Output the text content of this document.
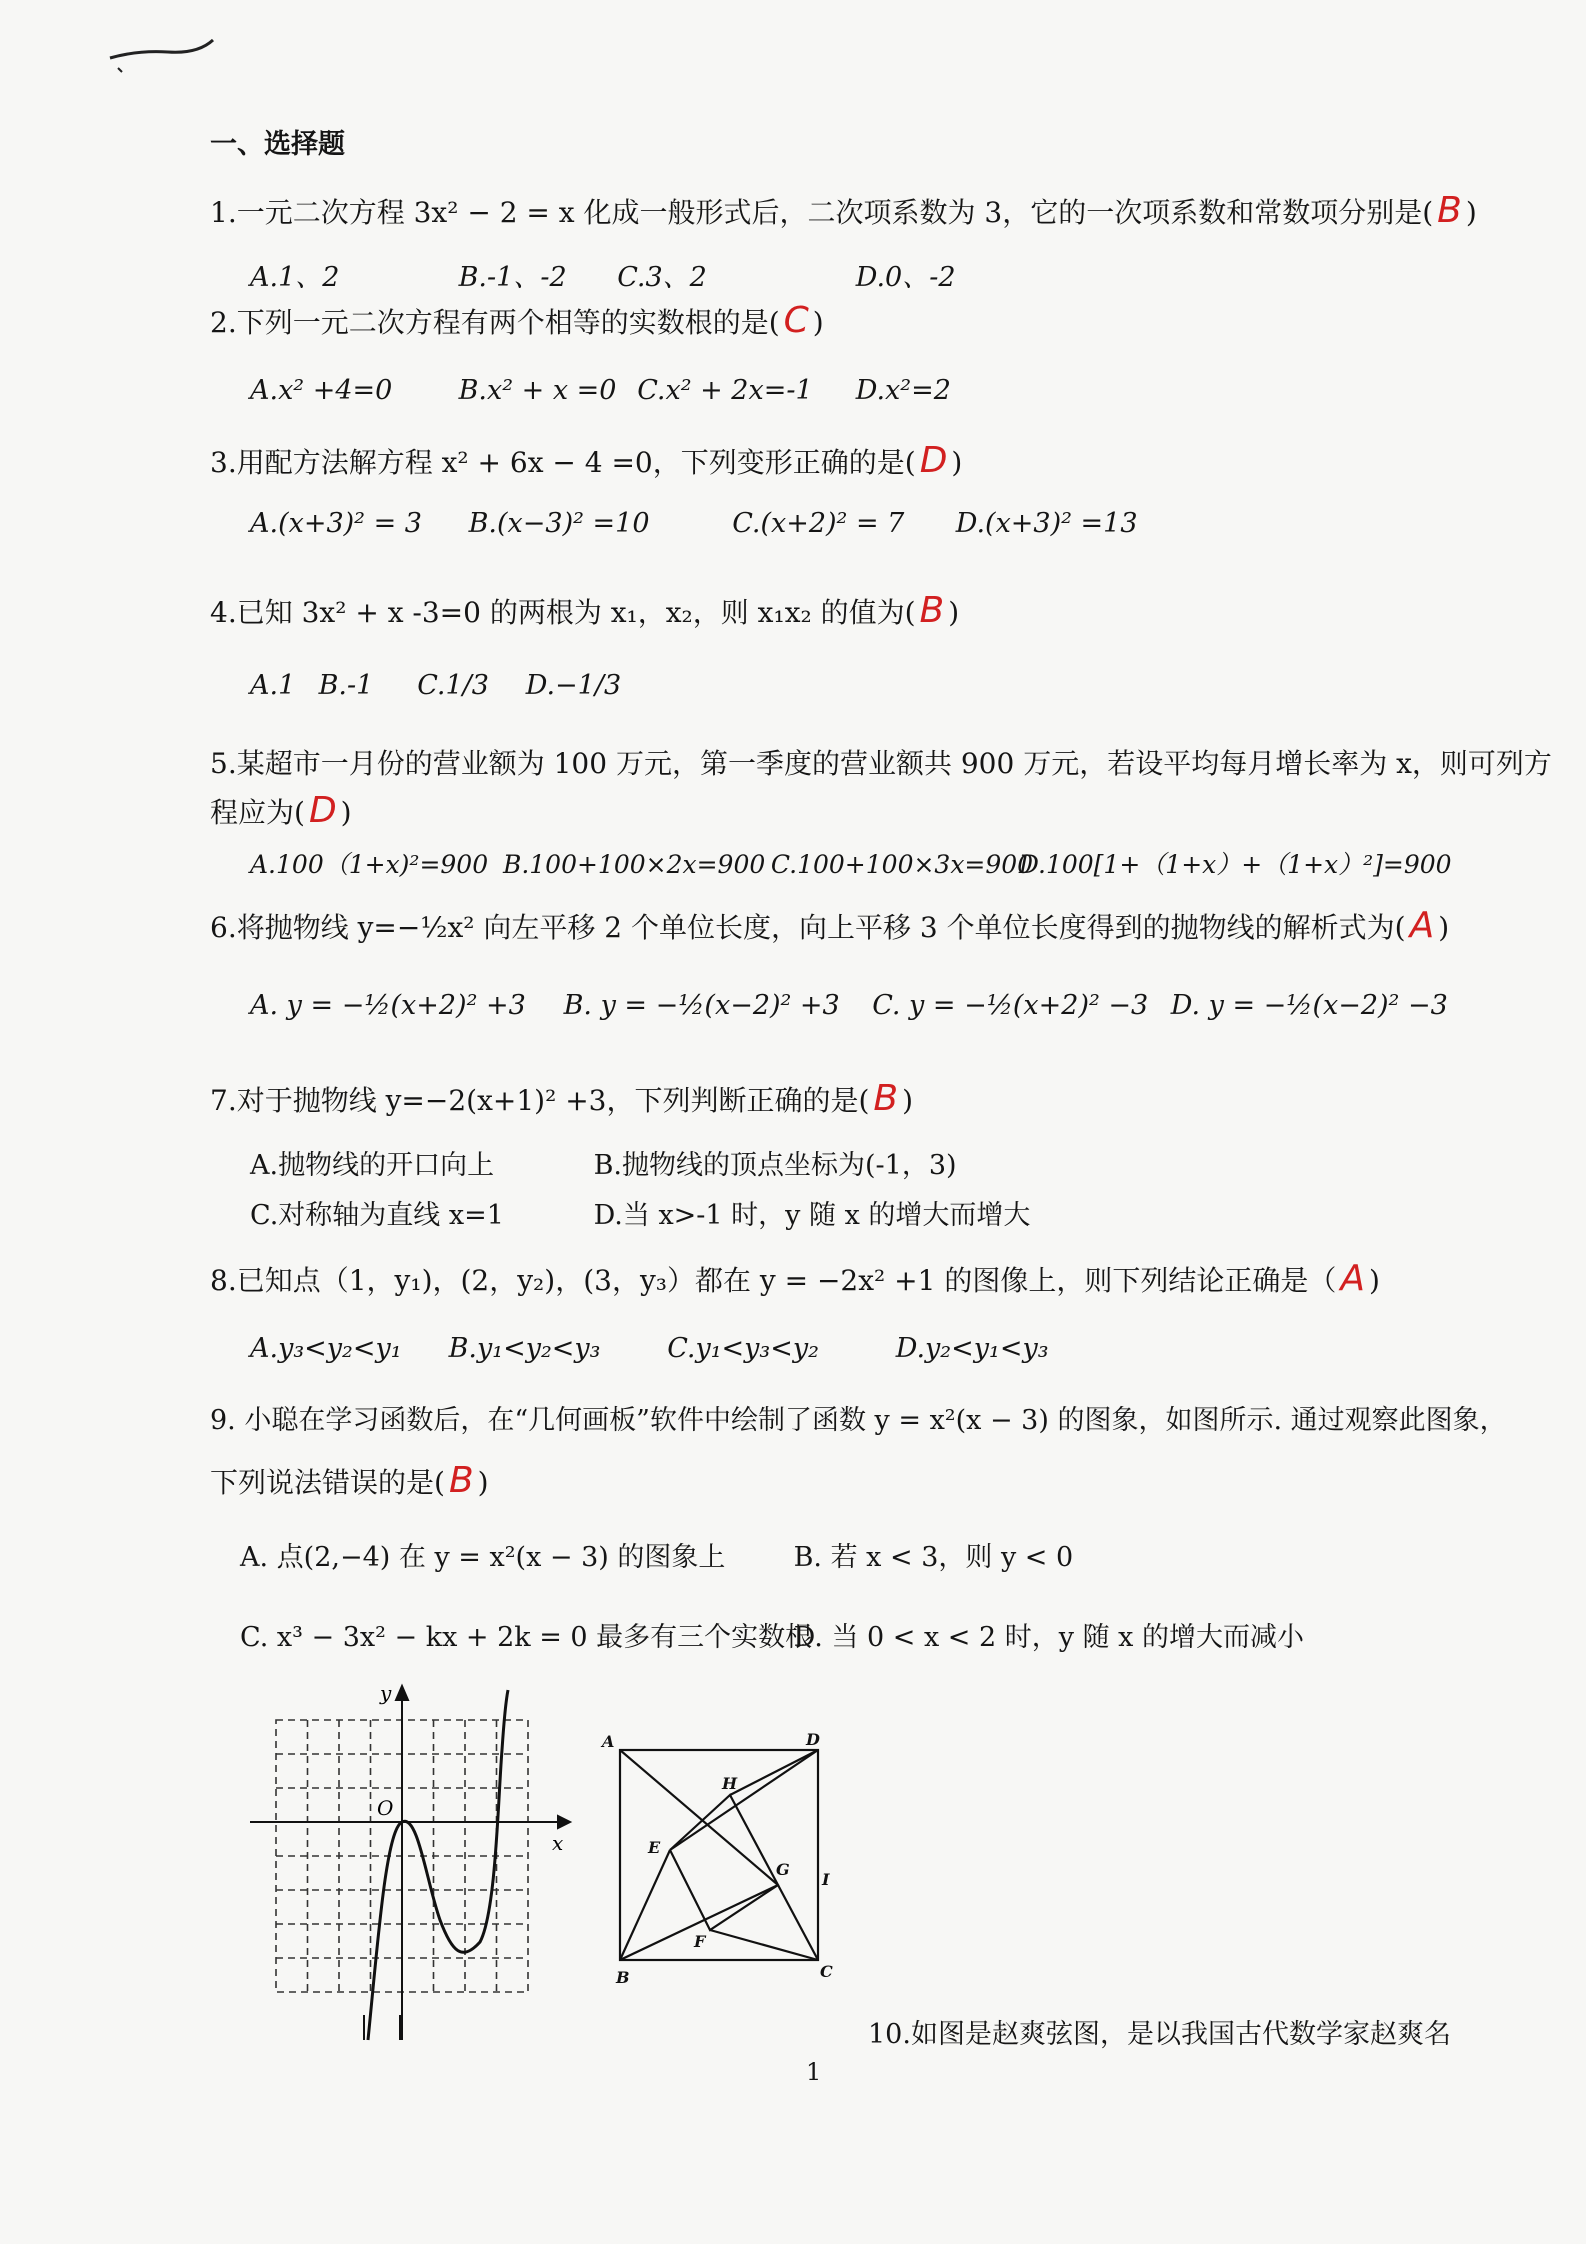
一、选择题
1.一元二次方程 3x² − 2 = x 化成一般形式后，二次项系数为 3，它的一次项系数和常数项分别是( B )
A.1、2	B.-1、-2 C.3、2	D.0、-2
2.下列一元二次方程有两个相等的实数根的是( C )
A.x² +4=0 B.x² + x =0 C.x² + 2x=-1 D.x²=2
3.用配方法解方程 x² + 6x − 4 =0，下列变形正确的是( D )
A.(x+3)² = 3 B.(x−3)² =10	C.(x+2)² = 7 D.(x+3)² =13
4.已知 3x² + x -3=0 的两根为 x₁，x₂，则 x₁x₂ 的值为( B )
A.1 B.-1 C.1/3 D.−1/3
5.某超市一月份的营业额为 100 万元，第一季度的营业额共 900 万元，若设平均每月增长率为 x，则可列方
程应为( D )
A.100（1+x)²=900 B.100+100×2x=900 C.100+100×3x=900 D.100[1+（1+x）+（1+x）²]=900
6.将抛物线 y=−½x² 向左平移 2 个单位长度，向上平移 3 个单位长度得到的抛物线的解析式为( A )
A. y = −½(x+2)² +3 B. y = −½(x−2)² +3 C. y = −½(x+2)² −3 D. y = −½(x−2)² −3
7.对于抛物线 y=−2(x+1)² +3，下列判断正确的是( B )
A.抛物线的开口向上	B.抛物线的顶点坐标为(-1，3)
C.对称轴为直线 x=1	D.当 x>-1 时，y 随 x 的增大而增大
8.已知点（1，y₁)，(2，y₂)，(3，y₃）都在 y = −2x² +1 的图像上，则下列结论正确是（ A )
A.y₃<y₂<y₁ B.y₁<y₂<y₃ C.y₁<y₃<y₂	D.y₂<y₁<y₃
9. 小聪在学习函数后，在“几何画板”软件中绘制了函数 y = x²(x − 3) 的图象，如图所示. 通过观察此图象，
下列说法错误的是( B )
A. 点(2,−4) 在 y = x²(x − 3) 的图象上	B. 若 x < 3，则 y < 0
C. x³ − 3x² − kx + 2k = 0 最多有三个实数根 D. 当 0 < x < 2 时，y 随 x 的增大而减小
y
x
O
A	D
H
E
G
I
F
B	C
10.如图是赵爽弦图，是以我国古代数学家赵爽名
1
